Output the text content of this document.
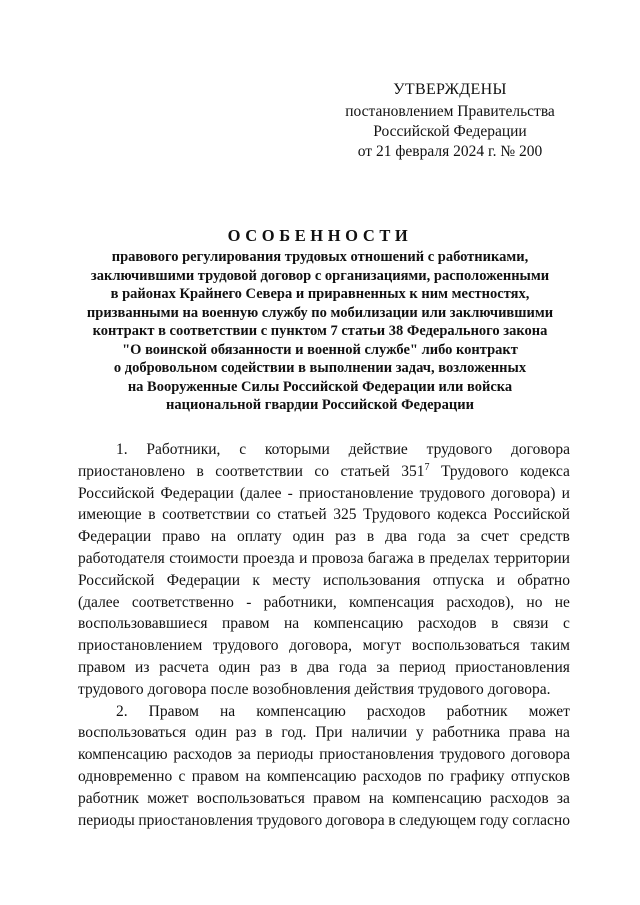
УТВЕРЖДЕНЫ
постановлением Правительства
Российской Федерации
от 21 февраля 2024 г. № 200
ОСОБЕННОСТИ
правового регулирования трудовых отношений с работниками,
заключившими трудовой договор с организациями, расположенными
в районах Крайнего Севера и приравненных к ним местностях,
призванными на военную службу по мобилизации или заключившими
контракт в соответствии с пунктом 7 статьи 38 Федерального закона
"О воинской обязанности и военной службе" либо контракт
о добровольном содействии в выполнении задач, возложенных
на Вооруженные Силы Российской Федерации или войска
национальной гвардии Российской Федерации
1. Работники, с которыми действие трудового договора
приостановлено в соответствии со статьей $351^7$ Трудового кодекса
Российской Федерации (далее - приостановление трудового договора) и
имеющие в соответствии со статьей 325 Трудового кодекса Российской
Федерации право на оплату один раз в два года за счет средств
работодателя стоимости проезда и провоза багажа в пределах территории
Российской Федерации к месту использования отпуска и обратно
(далее соответственно - работники, компенсация расходов), но не
воспользовавшиеся правом на компенсацию расходов в связи с
приостановлением трудового договора, могут воспользоваться таким
правом из расчета один раз в два года за период приостановления
трудового договора после возобновления действия трудового договора.
2. Правом на компенсацию расходов работник может
воспользоваться один раз в год. При наличии у работника права на
компенсацию расходов за периоды приостановления трудового договора
одновременно с правом на компенсацию расходов по графику отпусков
работник может воспользоваться правом на компенсацию расходов за
периоды приостановления трудового договора в следующем году согласно
